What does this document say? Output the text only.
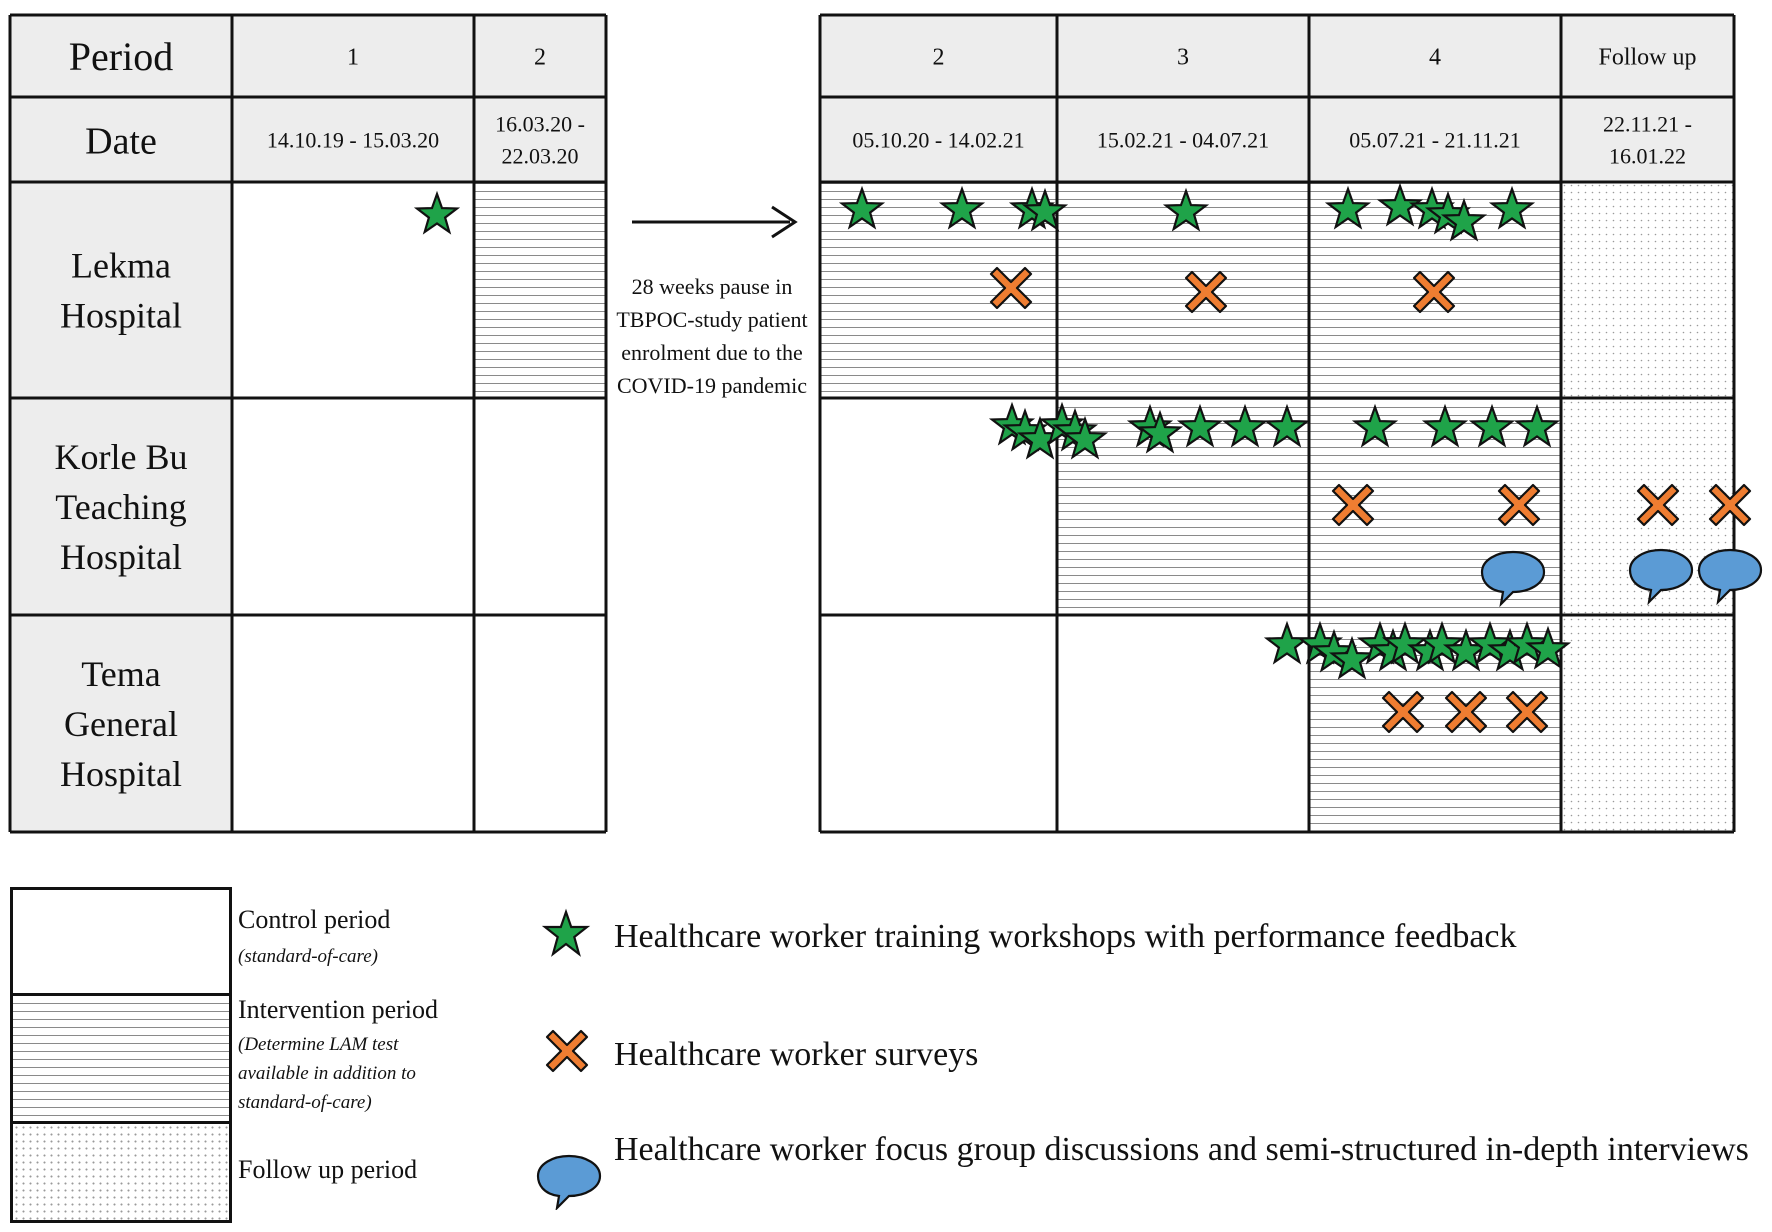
Period
Date
1
14.10.19 - 15.03.20
2
16.03.20 -22.03.20
2
05.10.20 - 14.02.21
3
15.02.21 - 04.07.21
4
05.07.21 - 21.11.21
Follow up
22.11.21 -16.01.22
Lekma Hospital
Korle Bu Teaching Hospital
Tema General Hospital
28 weeks pause in TBPOC-study patient enrolment due to the COVID-19 pandemic
Control period
(standard-of-care)
Intervention period
(Determine LAM test available in addition to standard-of-care)
Follow up period
Healthcare worker training workshops with performance feedback
Healthcare worker surveys
Healthcare worker focus group discussions and semi-structured in-depth interviews
